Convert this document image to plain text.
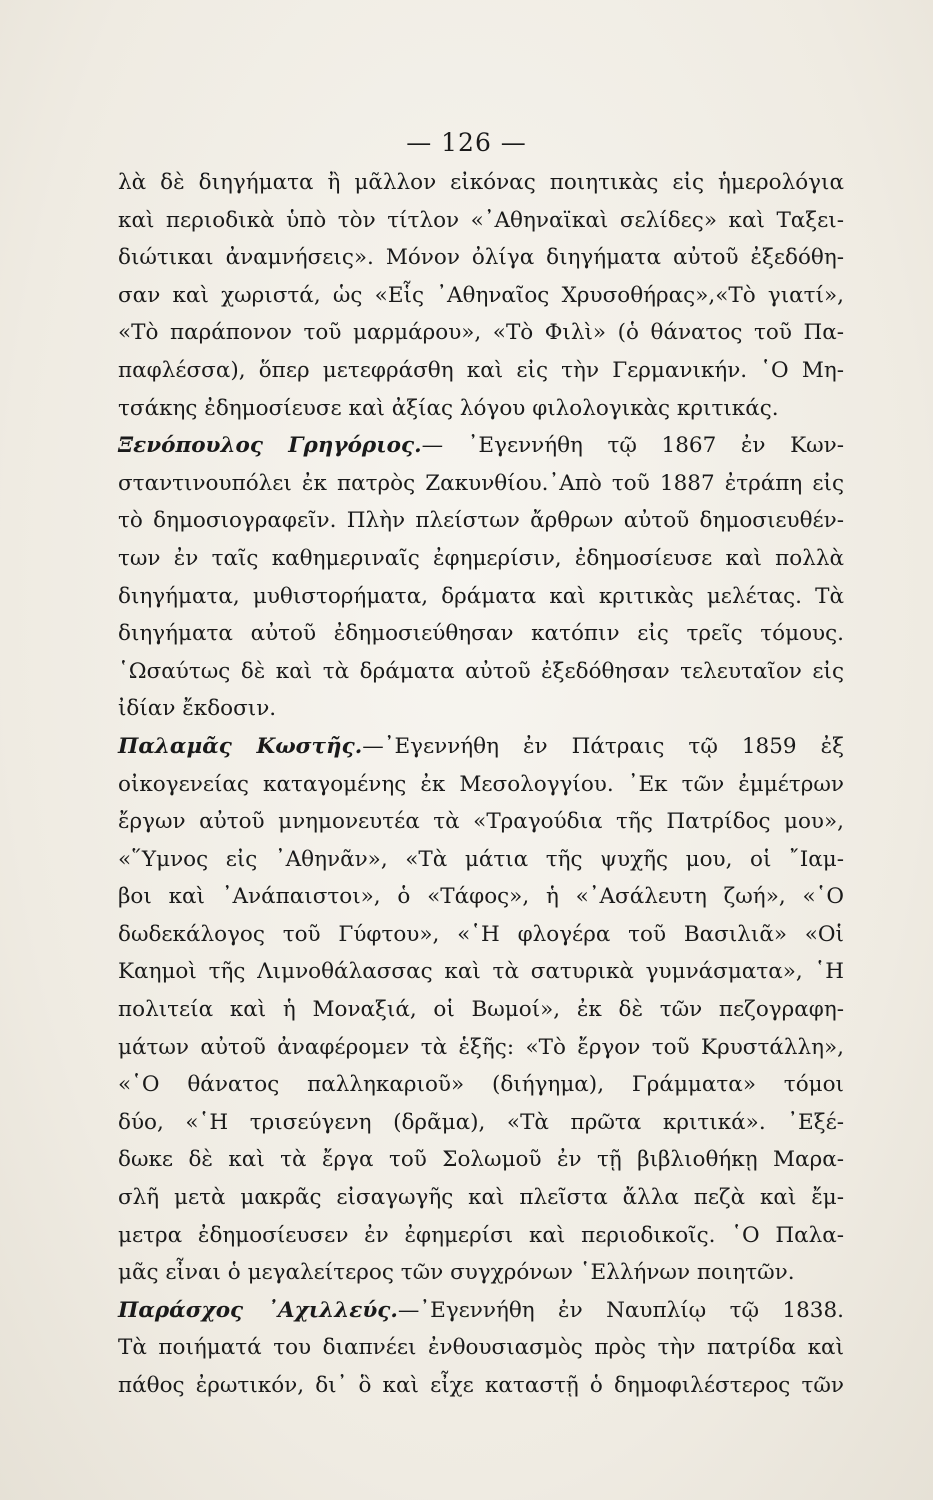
— 126 —
λὰ δὲ διηγήματα ἢ μᾶλλον εἰκόνας ποιητικὰς εἰς ἡμερολόγια
καὶ περιοδικὰ ὑπὸ τὸν τίτλον «᾽Αθηναϊκαὶ σελίδες» καὶ Ταξει-
διώτικαι ἀναμνήσεις». Μόνον ὀλίγα διηγήματα αὐτοῦ ἐξεδόθη-
σαν καὶ χωριστά, ὡς «Εἷς ᾽Αθηναῖος Χρυσοθήρας»,«Τὸ γιατί»,
«Τὸ παράπονον τοῦ μαρμάρου», «Τὸ Φιλὶ» (ὁ θάνατος τοῦ Πα-
παφλέσσα), ὅπερ μετεφράσθη καὶ εἰς τὴν Γερμανικήν. ῾Ο Μη-
τσάκης ἐδημοσίευσε καὶ ἀξίας λόγου φιλολογικὰς κριτικάς.
Ξενόπουλος Γρηγόριος.— ᾽Εγεννήθη τῷ 1867 ἐν Κων-
σταντινουπόλει ἐκ πατρὸς Ζακυνθίου.᾽Απὸ τοῦ 1887 ἐτράπη εἰς
τὸ δημοσιογραφεῖν. Πλὴν πλείστων ἄρθρων αὐτοῦ δημοσιευθέν-
των ἐν ταῖς καθημεριναῖς ἐφημερίσιν, ἐδημοσίευσε καὶ πολλὰ
διηγήματα, μυθιστορήματα, δράματα καὶ κριτικὰς μελέτας. Τὰ
διηγήματα αὐτοῦ ἐδημοσιεύθησαν κατόπιν εἰς τρεῖς τόμους.
῾Ωσαύτως δὲ καὶ τὰ δράματα αὐτοῦ ἐξεδόθησαν τελευταῖον εἰς
ἰδίαν ἔκδοσιν.
Παλαμᾶς Κωστῆς.—᾽Εγεννήθη ἐν Πάτραις τῷ 1859 ἐξ
οἰκογενείας καταγομένης ἐκ Μεσολογγίου. ᾽Εκ τῶν ἐμμέτρων
ἔργων αὐτοῦ μνημονευτέα τὰ «Τραγούδια τῆς Πατρίδος μου»,
«῞Υμνος εἰς ᾽Αθηνᾶν», «Τὰ μάτια τῆς ψυχῆς μου, οἱ ῎Ιαμ-
βοι καὶ ᾽Ανάπαιστοι», ὁ «Τάφος», ἡ «᾽Ασάλευτη ζωή», «῾Ο
δωδεκάλογος τοῦ Γύφτου», «῾Η φλογέρα τοῦ Βασιλιᾶ» «Οἱ
Καημοὶ τῆς Λιμνοθάλασσας καὶ τὰ σατυρικὰ γυμνάσματα», ῾Η
πολιτεία καὶ ἡ Μοναξιά, οἱ Βωμοί», ἐκ δὲ τῶν πεζογραφη-
μάτων αὐτοῦ ἀναφέρομεν τὰ ἑξῆς: «Τὸ ἔργον τοῦ Κρυστάλλη»,
«῾Ο θάνατος παλληκαριοῦ» (διήγημα), Γράμματα» τόμοι
δύο, «῾Η τρισεύγενη (δρᾶμα), «Τὰ πρῶτα κριτικά». ᾽Εξέ-
δωκε δὲ καὶ τὰ ἔργα τοῦ Σολωμοῦ ἐν τῇ βιβλιοθήκῃ Μαρα-
σλῆ μετὰ μακρᾶς εἰσαγωγῆς καὶ πλεῖστα ἄλλα πεζὰ καὶ ἔμ-
μετρα ἐδημοσίευσεν ἐν ἐφημερίσι καὶ περιοδικοῖς. ῾Ο Παλα-
μᾶς εἶναι ὁ μεγαλείτερος τῶν συγχρόνων ῾Ελλήνων ποιητῶν.
Παράσχος ᾽Αχιλλεύς.—᾽Εγεννήθη ἐν Ναυπλίῳ τῷ 1838.
Τὰ ποιήματά του διαπνέει ἐνθουσιασμὸς πρὸς τὴν πατρίδα καὶ
πάθος ἐρωτικόν, δι᾽ ὃ καὶ εἶχε καταστῇ ὁ δημοφιλέστερος τῶν
